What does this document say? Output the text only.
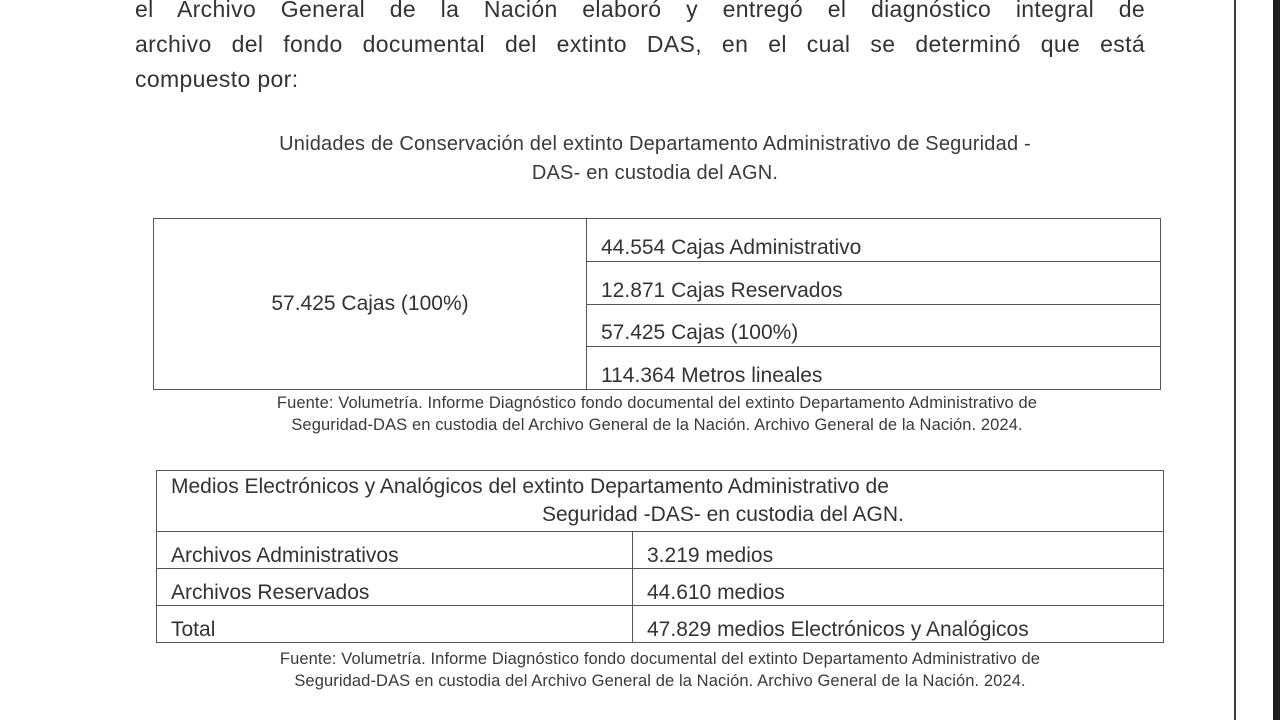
el Archivo General de la Nación elaboró y entregó el diagnóstico integral de
archivo del fondo documental del extinto DAS, en el cual se determinó que está
compuesto por:
Unidades de Conservación del extinto Departamento Administrativo de Seguridad -
DAS- en custodia del AGN.
57.425 Cajas (100%)	44.554 Cajas Administrativo
12.871 Cajas Reservados
57.425 Cajas (100%)
114.364 Metros lineales
Fuente: Volumetría. Informe Diagnóstico fondo documental del extinto Departamento Administrativo de
Seguridad-DAS en custodia del Archivo General de la Nación. Archivo General de la Nación. 2024.
Medios Electrónicos y Analógicos del extinto Departamento Administrativo de
Seguridad -DAS- en custodia del AGN.	

Archivos Administrativos	3.219 medios
Archivos Reservados	44.610 medios
Total	47.829 medios Electrónicos y Analógicos
Fuente: Volumetría. Informe Diagnóstico fondo documental del extinto Departamento Administrativo de
Seguridad-DAS en custodia del Archivo General de la Nación. Archivo General de la Nación. 2024.
